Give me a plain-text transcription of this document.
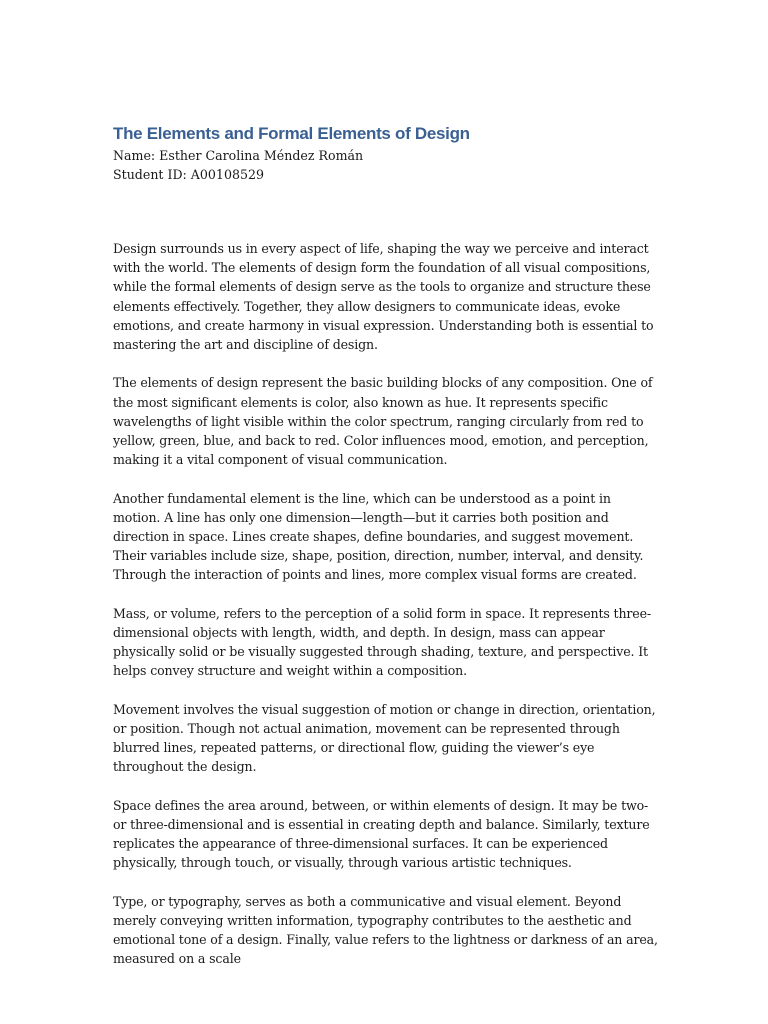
The Elements and Formal Elements of Design

Name: Esther Carolina Méndez Román

Student ID: A00108529

Design surrounds us in every aspect of life, shaping the way we perceive and interact with the world. The elements of design form the foundation of all visual compositions, while the formal elements of design serve as the tools to organize and structure these elements effectively. Together, they allow designers to communicate ideas, evoke emotions, and create harmony in visual expression. Understanding both is essential to mastering the art and discipline of design.

The elements of design represent the basic building blocks of any composition. One of the most significant elements is color, also known as hue. It represents specific wavelengths of light visible within the color spectrum, ranging circularly from red to yellow, green, blue, and back to red. Color influences mood, emotion, and perception, making it a vital component of visual communication.

Another fundamental element is the line, which can be understood as a point in motion. A line has only one dimension—length—but it carries both position and direction in space. Lines create shapes, define boundaries, and suggest movement. Their variables include size, shape, position, direction, number, interval, and density. Through the interaction of points and lines, more complex visual forms are created.

Mass, or volume, refers to the perception of a solid form in space. It represents three-dimensional objects with length, width, and depth. In design, mass can appear physically solid or be visually suggested through shading, texture, and perspective. It helps convey structure and weight within a composition.

Movement involves the visual suggestion of motion or change in direction, orientation, or position. Though not actual animation, movement can be represented through blurred lines, repeated patterns, or directional flow, guiding the viewer’s eye throughout the design.

Space defines the area around, between, or within elements of design. It may be two- or three-dimensional and is essential in creating depth and balance. Similarly, texture replicates the appearance of three-dimensional surfaces. It can be experienced physically, through touch, or visually, through various artistic techniques.

Type, or typography, serves as both a communicative and visual element. Beyond merely conveying written information, typography contributes to the aesthetic and emotional tone of a design. Finally, value refers to the lightness or darkness of an area, measured on a scale
